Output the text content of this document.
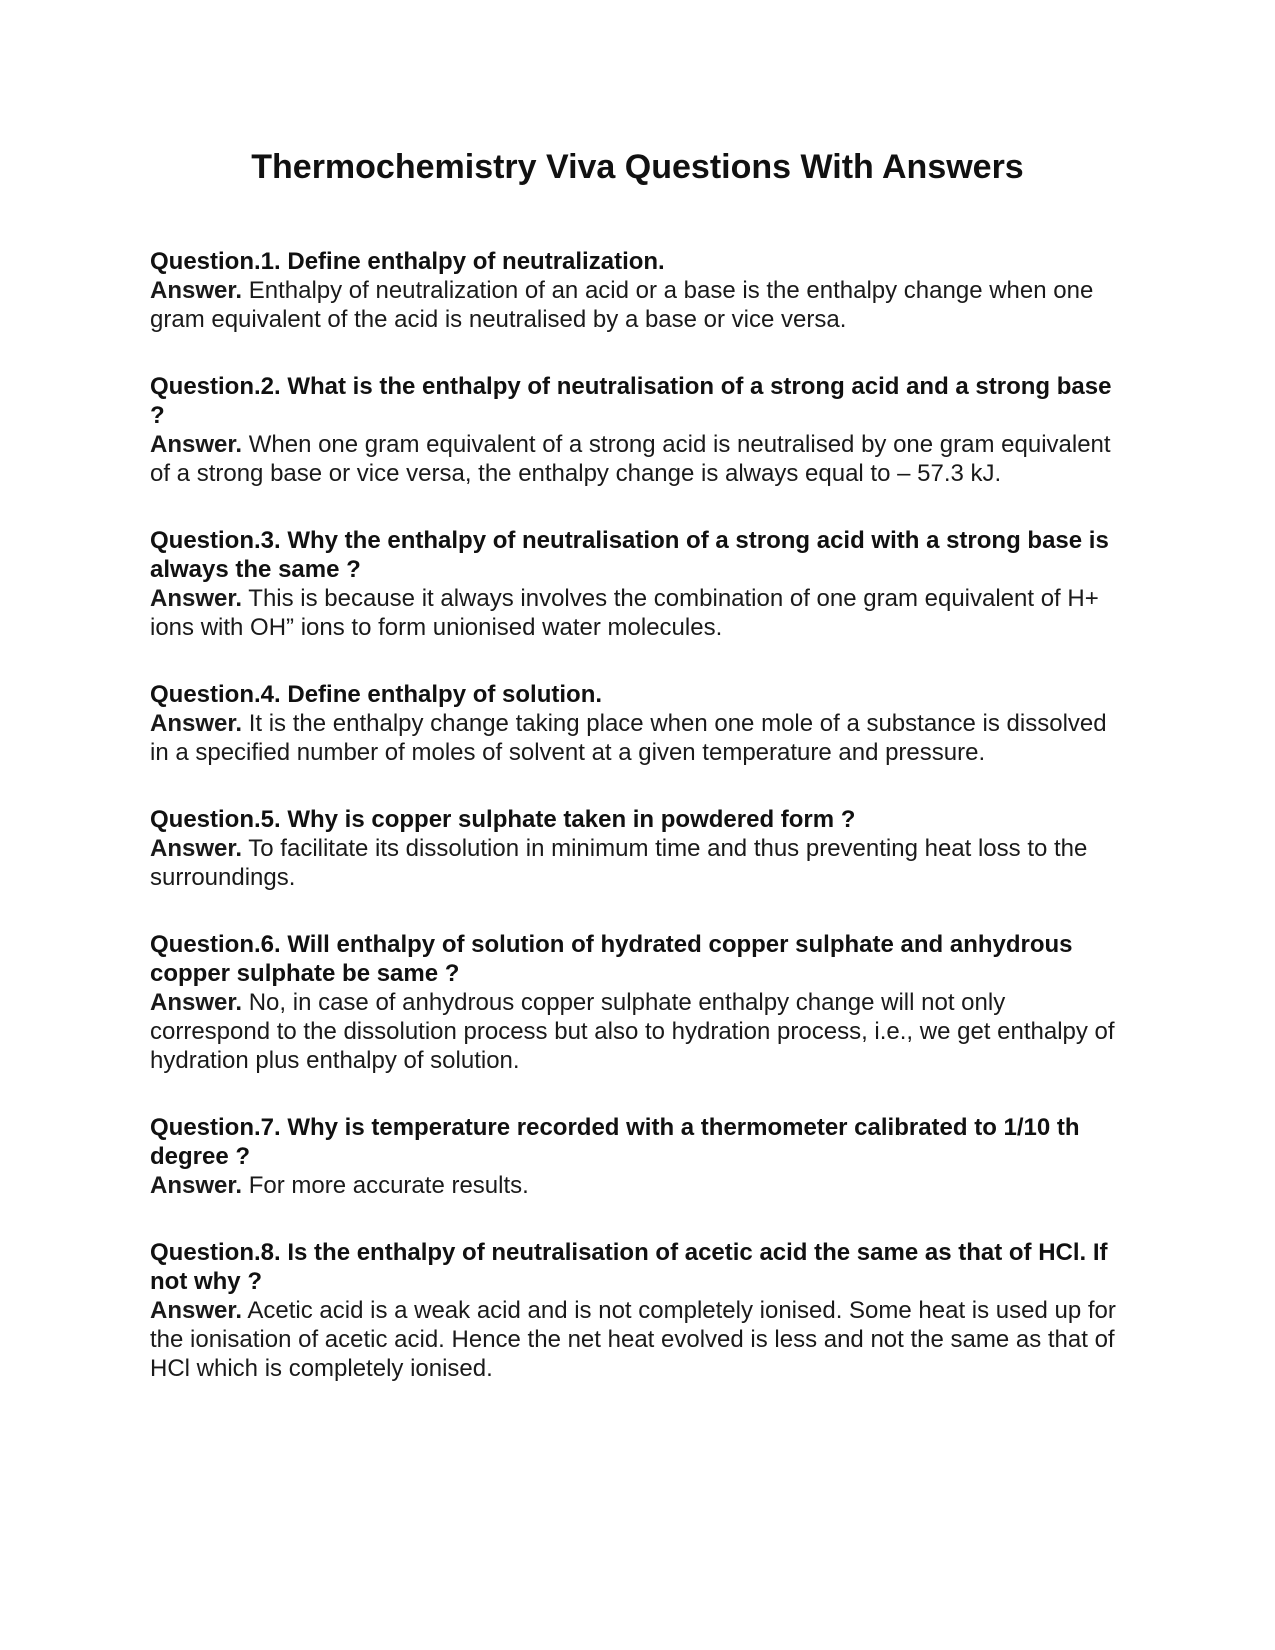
Thermochemistry Viva Questions With Answers

Question.1. Define enthalpy of neutralization.

Answer. Enthalpy of neutralization of an acid or a base is the enthalpy change when one gram equivalent of the acid is neutralised by a base or vice versa.

Question.2. What is the enthalpy of neutralisation of a strong acid and a strong base ?

Answer. When one gram equivalent of a strong acid is neutralised by one gram equivalent of a strong base or vice versa, the enthalpy change is always equal to – 57.3 kJ.

Question.3. Why the enthalpy of neutralisation of a strong acid with a strong base is always the same ?

Answer. This is because it always involves the combination of one gram equivalent of H+ ions with OH” ions to form unionised water molecules.

Question.4. Define enthalpy of solution.

Answer. It is the enthalpy change taking place when one mole of a substance is dissolved in a specified number of moles of solvent at a given temperature and pressure.

Question.5. Why is copper sulphate taken in powdered form ?

Answer. To facilitate its dissolution in minimum time and thus preventing heat loss to the surroundings.

Question.6. Will enthalpy of solution of hydrated copper sulphate and anhydrous copper sulphate be same ?

Answer. No, in case of anhydrous copper sulphate enthalpy change will not only correspond to the dissolution process but also to hydration process, i.e., we get enthalpy of hydration plus enthalpy of solution.

Question.7. Why is temperature recorded with a thermometer calibrated to 1/10 th degree ?

Answer. For more accurate results.

Question.8. Is the enthalpy of neutralisation of acetic acid the same as that of HCl. If not why ?

Answer. Acetic acid is a weak acid and is not completely ionised. Some heat is used up for the ionisation of acetic acid. Hence the net heat evolved is less and not the same as that of HCl which is completely ionised.
